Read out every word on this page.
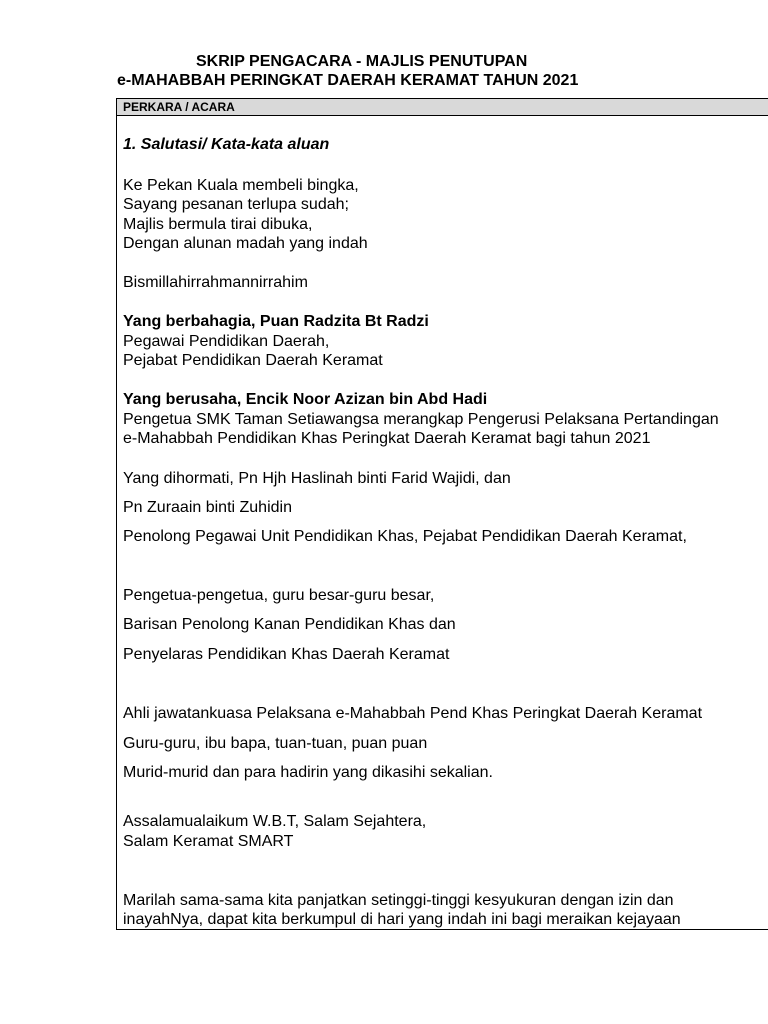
SKRIP PENGACARA - MAJLIS PENUTUPAN
e-MAHABBAH PERINGKAT DAERAH KERAMAT TAHUN 2021
PERKARA / ACARA
1. Salutasi/ Kata-kata aluan
Ke Pekan Kuala membeli bingka,
Sayang pesanan terlupa sudah;
Majlis bermula tirai dibuka,
Dengan alunan madah yang indah
Bismillahirrahmannirrahim
Yang berbahagia, Puan Radzita Bt Radzi
Pegawai Pendidikan Daerah,
Pejabat Pendidikan Daerah Keramat
Yang berusaha, Encik Noor Azizan bin Abd Hadi
Pengetua SMK Taman Setiawangsa merangkap Pengerusi Pelaksana Pertandingan
e-Mahabbah Pendidikan Khas Peringkat Daerah Keramat bagi tahun 2021
Yang dihormati, Pn Hjh Haslinah binti Farid Wajidi, dan
Pn Zuraain binti Zuhidin
Penolong Pegawai Unit Pendidikan Khas, Pejabat Pendidikan Daerah Keramat,
Pengetua-pengetua, guru besar-guru besar,
Barisan Penolong Kanan Pendidikan Khas dan
Penyelaras Pendidikan Khas Daerah Keramat
Ahli jawatankuasa Pelaksana e-Mahabbah Pend Khas Peringkat Daerah Keramat
Guru-guru, ibu bapa, tuan-tuan, puan puan
Murid-murid dan para hadirin yang dikasihi sekalian.
Assalamualaikum W.B.T, Salam Sejahtera,
Salam Keramat SMART
Marilah sama-sama kita panjatkan setinggi-tinggi kesyukuran dengan izin dan
inayahNya, dapat kita berkumpul di hari yang indah ini bagi meraikan kejayaan
